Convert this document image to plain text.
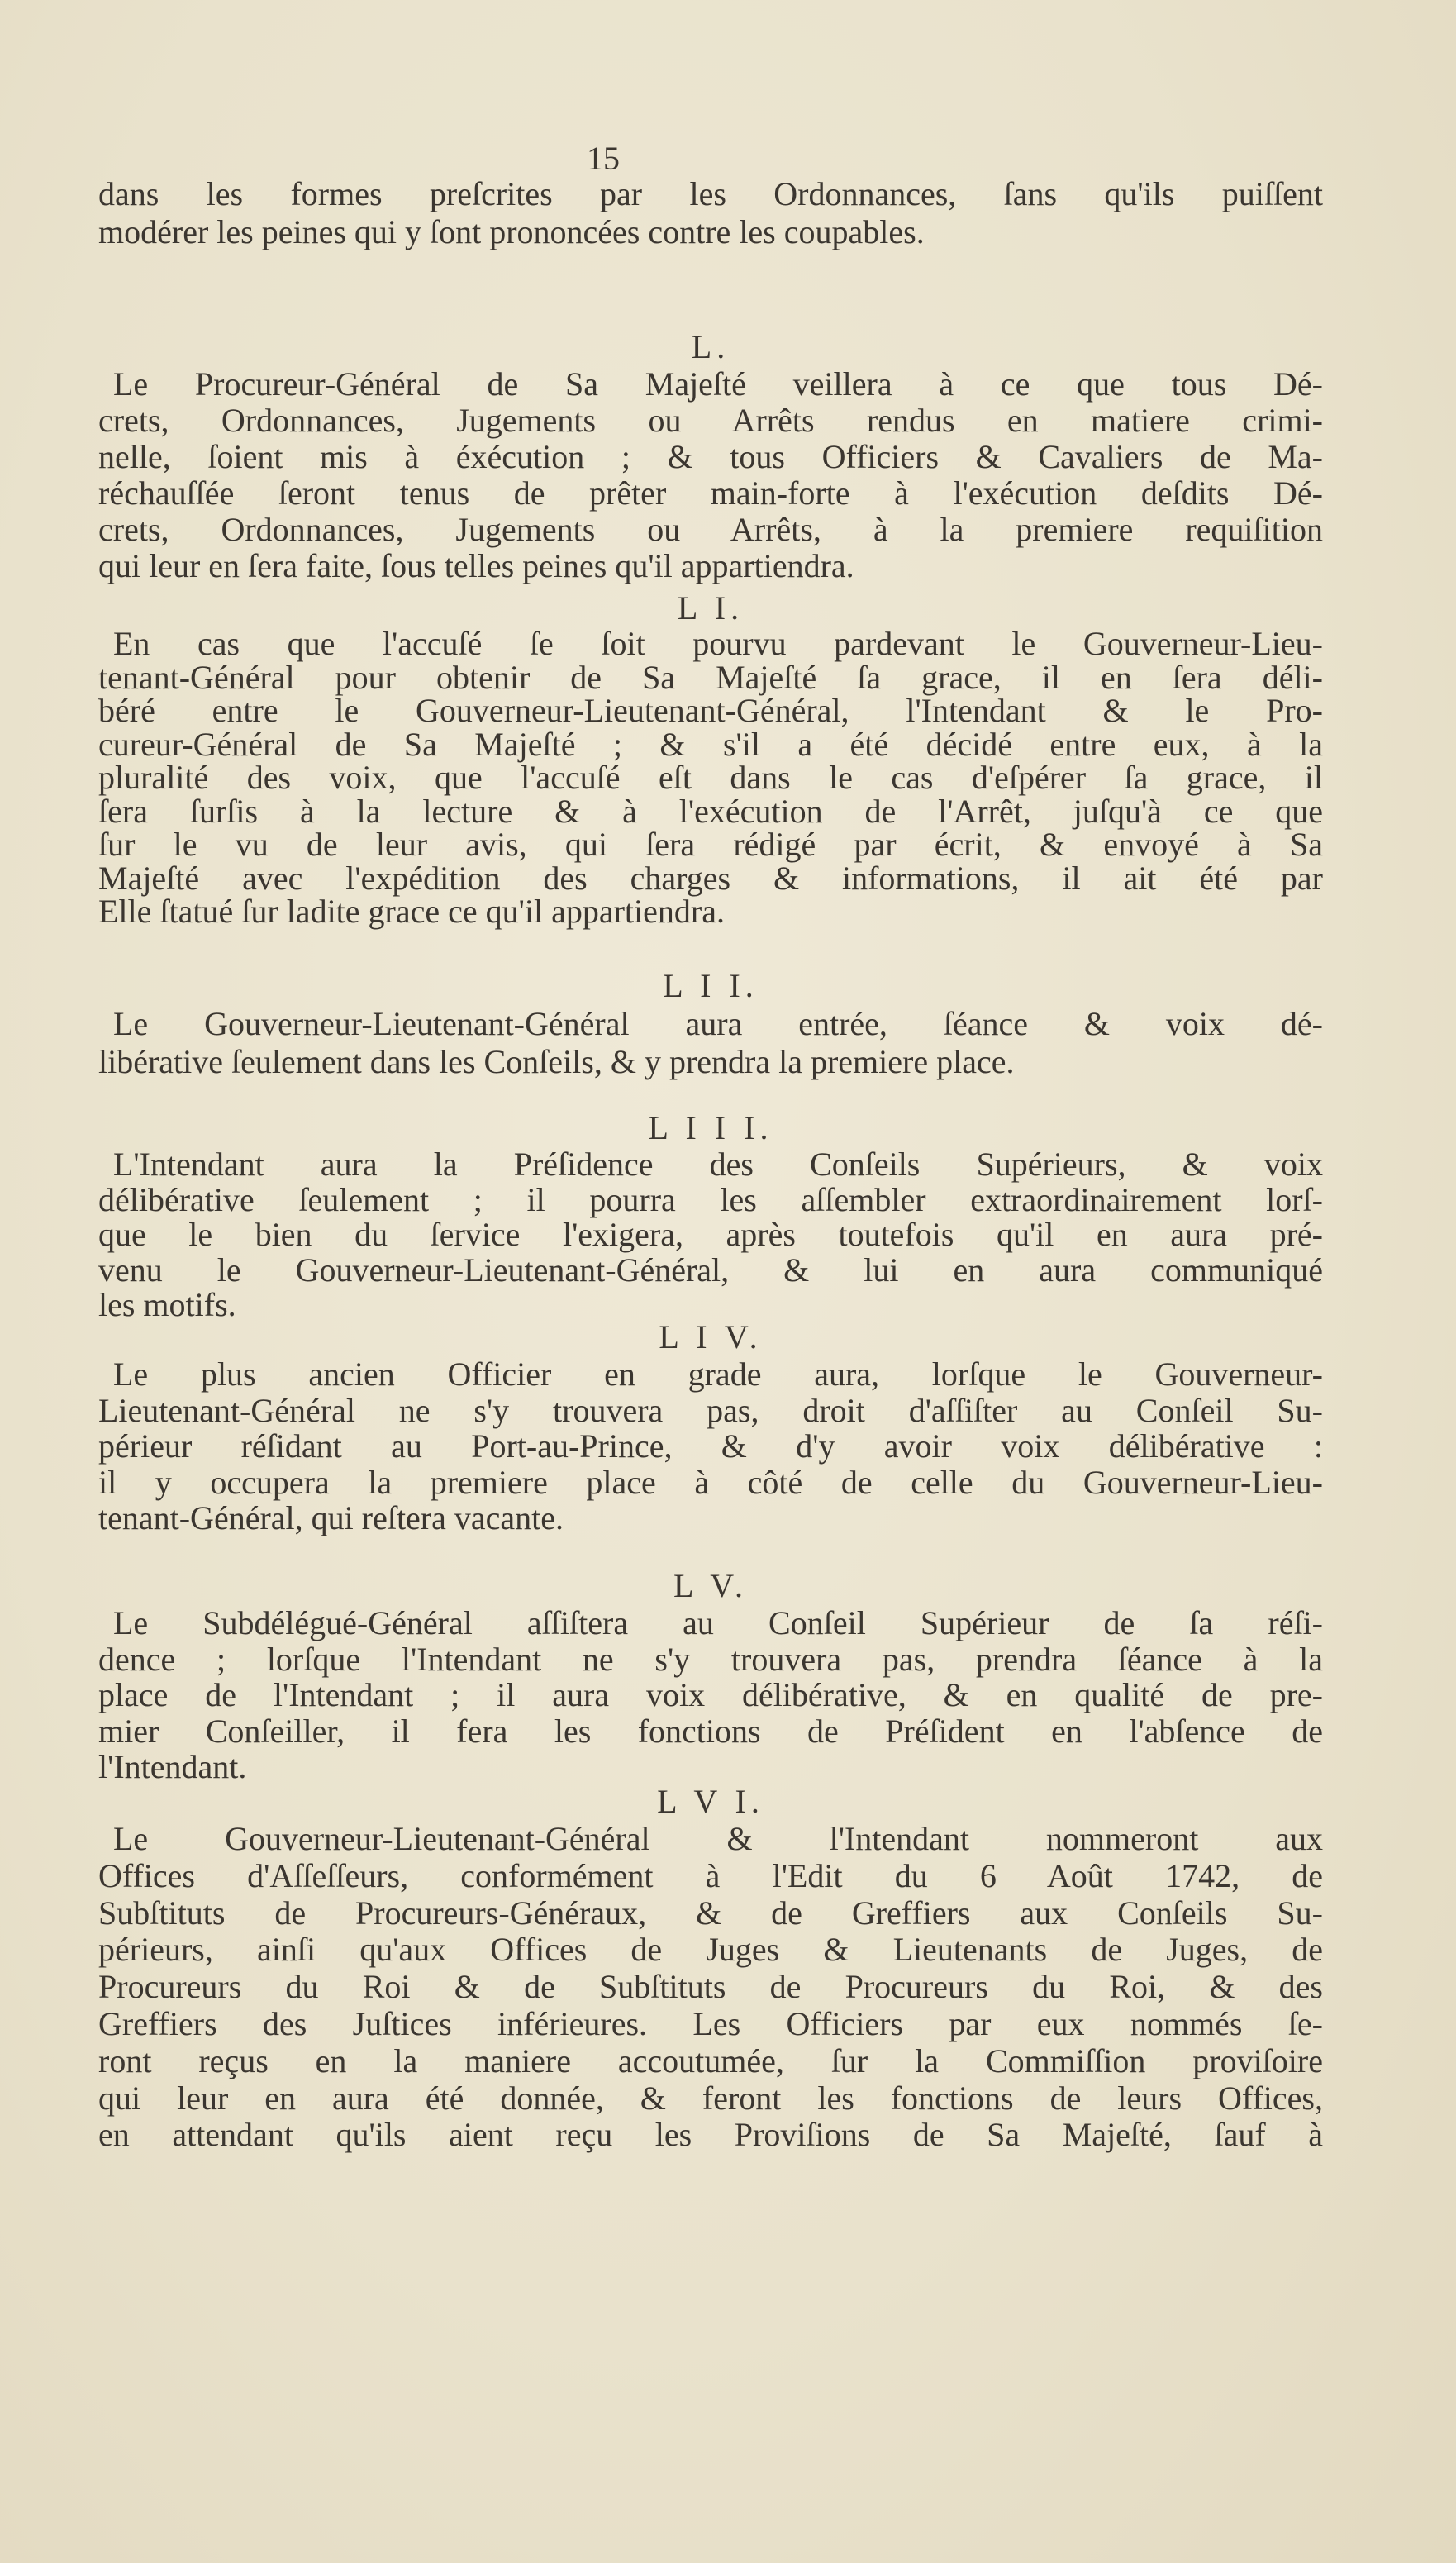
15
dans les formes preſcrites par les Ordonnances, ſans qu'ils puiſſent
modérer les peines qui y ſont prononcées contre les coupables.
L.
Le Procureur-Général de Sa Majeſté veillera à ce que tous Dé-
crets, Ordonnances, Jugements ou Arrêts rendus en matiere crimi-
nelle, ſoient mis à éxécution ; & tous Officiers & Cavaliers de Ma-
réchauſſée ſeront tenus de prêter main-forte à l'exécution deſdits Dé-
crets, Ordonnances, Jugements ou Arrêts, à la premiere requiſition
qui leur en ſera faite, ſous telles peines qu'il appartiendra.
L I.
En cas que l'accuſé ſe ſoit pourvu pardevant le Gouverneur-Lieu-
tenant-Général pour obtenir de Sa Majeſté ſa grace, il en ſera déli-
béré entre le Gouverneur-Lieutenant-Général, l'Intendant & le Pro-
cureur-Général de Sa Majeſté ; & s'il a été décidé entre eux, à la
pluralité des voix, que l'accuſé eſt dans le cas d'eſpérer ſa grace, il
ſera ſurſis à la lecture & à l'exécution de l'Arrêt, juſqu'à ce que
ſur le vu de leur avis, qui ſera rédigé par écrit, & envoyé à Sa
Majeſté avec l'expédition des charges & informations, il ait été par
Elle ſtatué ſur ladite grace ce qu'il appartiendra.
L I I.
Le Gouverneur-Lieutenant-Général aura entrée, ſéance & voix dé-
libérative ſeulement dans les Conſeils, & y prendra la premiere place.
L I I I.
L'Intendant aura la Préſidence des Conſeils Supérieurs, & voix
délibérative ſeulement ; il pourra les aſſembler extraordinairement lorſ-
que le bien du ſervice l'exigera, après toutefois qu'il en aura pré-
venu le Gouverneur-Lieutenant-Général, & lui en aura communiqué
les motifs.
L I V.
Le plus ancien Officier en grade aura, lorſque le Gouverneur-
Lieutenant-Général ne s'y trouvera pas, droit d'aſſiſter au Conſeil Su-
périeur réſidant au Port-au-Prince, & d'y avoir voix délibérative :
il y occupera la premiere place à côté de celle du Gouverneur-Lieu-
tenant-Général, qui reſtera vacante.
L V.
Le Subdélégué-Général aſſiſtera au Conſeil Supérieur de ſa réſi-
dence ; lorſque l'Intendant ne s'y trouvera pas, prendra ſéance à la
place de l'Intendant ; il aura voix délibérative, & en qualité de pre-
mier Conſeiller, il fera les fonctions de Préſident en l'abſence de
l'Intendant.
L V I.
Le Gouverneur-Lieutenant-Général & l'Intendant nommeront aux
Offices d'Aſſeſſeurs, conformément à l'Edit du 6 Août 1742, de
Subſtituts de Procureurs-Généraux, & de Greffiers aux Conſeils Su-
périeurs, ainſi qu'aux Offices de Juges & Lieutenants de Juges, de
Procureurs du Roi & de Subſtituts de Procureurs du Roi, & des
Greffiers des Juſtices inférieures. Les Officiers par eux nommés ſe-
ront reçus en la maniere accoutumée, ſur la Commiſſion proviſoire
qui leur en aura été donnée, & feront les fonctions de leurs Offices,
en attendant qu'ils aient reçu les Proviſions de Sa Majeſté, ſauf à
